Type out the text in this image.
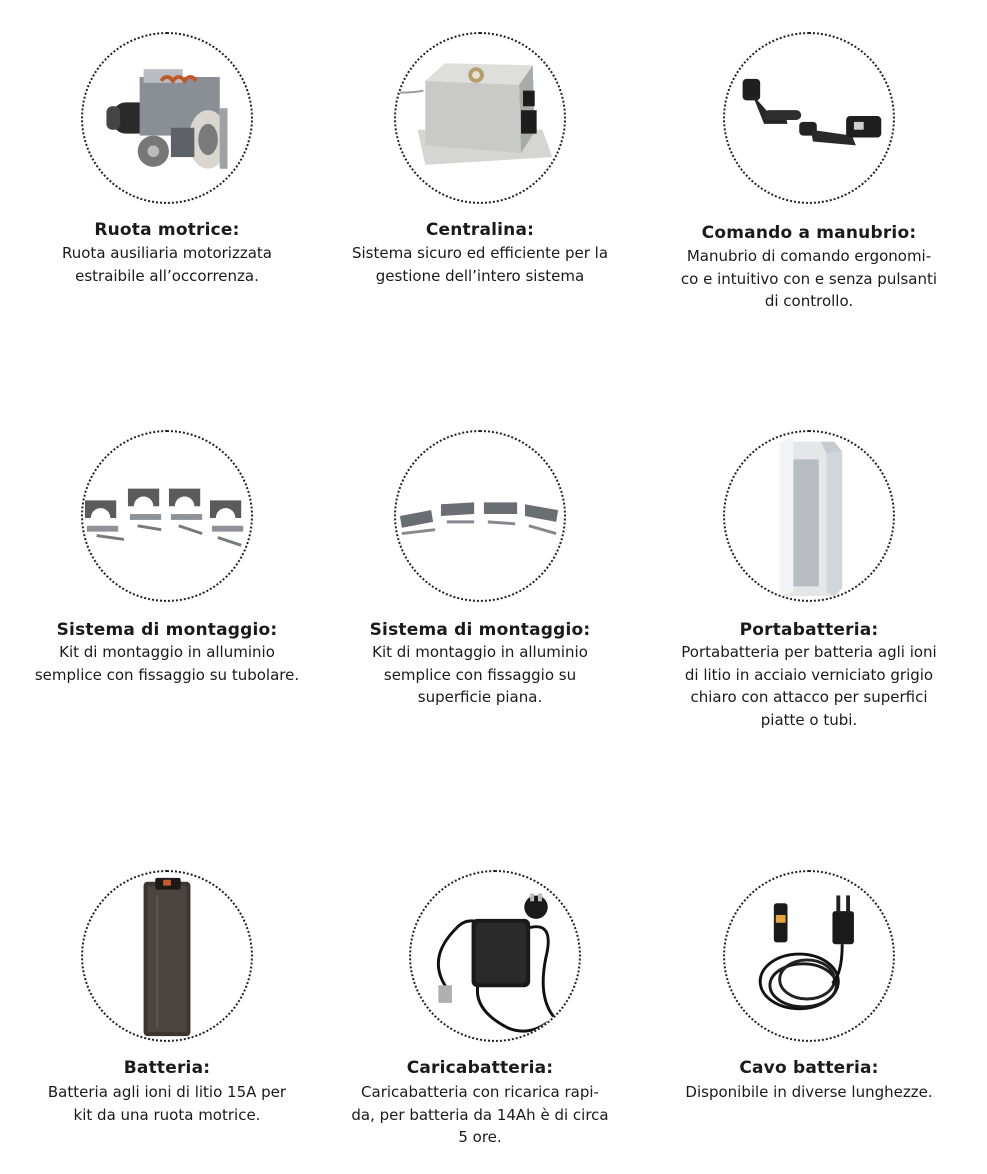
Ruota motrice:
Ruota ausiliaria motorizzata
estraibile all’occorrenza.
Centralina:
Sistema sicuro ed efficiente per la
gestione dell’intero sistema
Comando a manubrio:
Manubrio di comando ergonomi-
co e intuitivo con e senza pulsanti
di controllo.
Sistema di montaggio:
Kit di montaggio in alluminio
semplice con fissaggio su tubolare.
Sistema di montaggio:
Kit di montaggio in alluminio
semplice con fissaggio su
superficie piana.
Portabatteria:
Portabatteria per batteria agli ioni
di litio in acciaio verniciato grigio
chiaro con attacco per superfici
piatte o tubi.
Batteria:
Batteria agli ioni di litio 15A per
kit da una ruota motrice.
Caricabatteria:
Caricabatteria con ricarica rapi-
da, per batteria da 14Ah è di circa
5 ore.
Cavo batteria:
Disponibile in diverse lunghezze.
